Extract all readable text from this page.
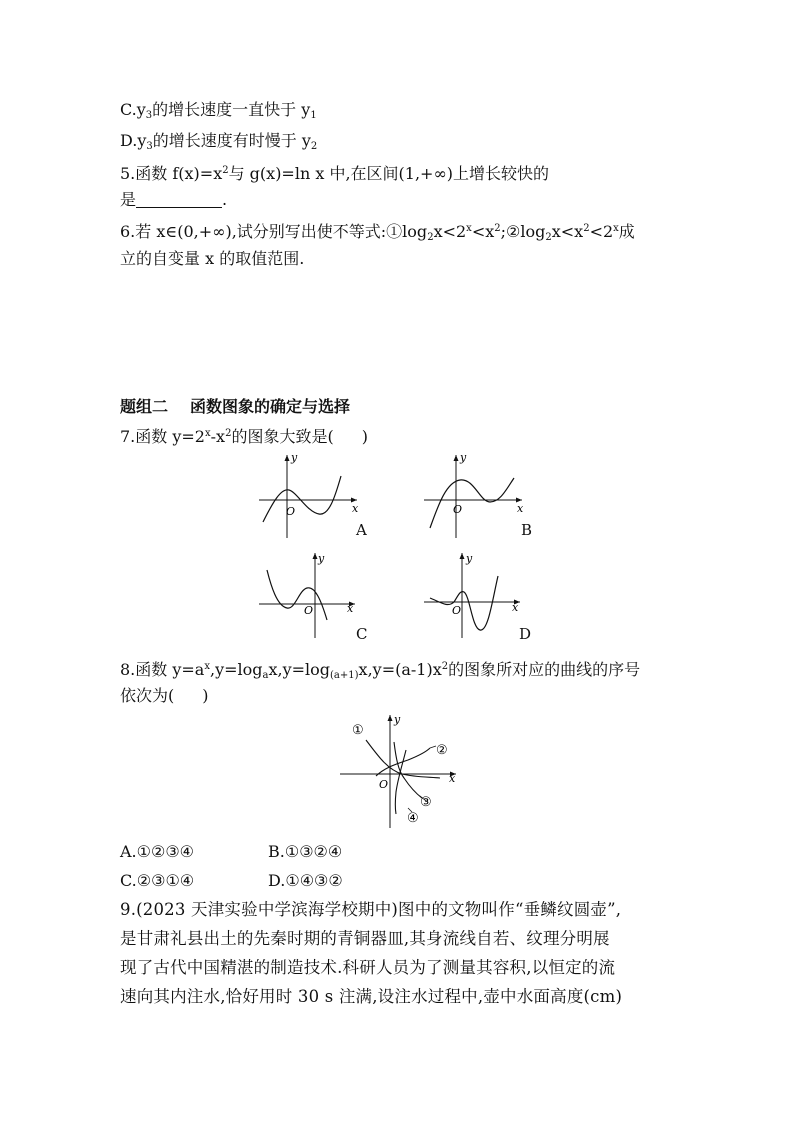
$C.y_3$的增长速度一直快于 $y_1$
$D.y_3$的增长速度有时慢于 $y_2$
5.函数 $f(x)=x^2$与 g(x)=ln x 中,在区间(1,+∞)上增长较快的
是	.
6.若 x∈(0,+∞),试分别写出使不等式$:①\log_2x<2^x<x^2;②\log_2x<x^2<2^x$成
立的自变量 x 的取值范围.
题组二 函数图象的确定与选择
7.函数 $y=2^x-x^2$的图象大致是( )
y
x
O
A
y
x
O
B
y
x
O
C
y
x
O
D
8.函数 $y=a^x,y=\log_ax,y=\log_{(a+1)}x,y=(a-1)x^2$的图象所对应的曲线的序号
依次为( )
y
x
O
①
②
③
④
A.①②③④	B.①③②④
C.②③①④	D.①④③②
9.(2023 天津实验中学滨海学校期中)图中的文物叫作“垂鳞纹圆壶”,
是甘肃礼县出土的先秦时期的青铜器皿,其身流线自若、纹理分明展
现了古代中国精湛的制造技术.科研人员为了测量其容积,以恒定的流
速向其内注水,恰好用时 30 s 注满,设注水过程中,壶中水面高度(cm)
